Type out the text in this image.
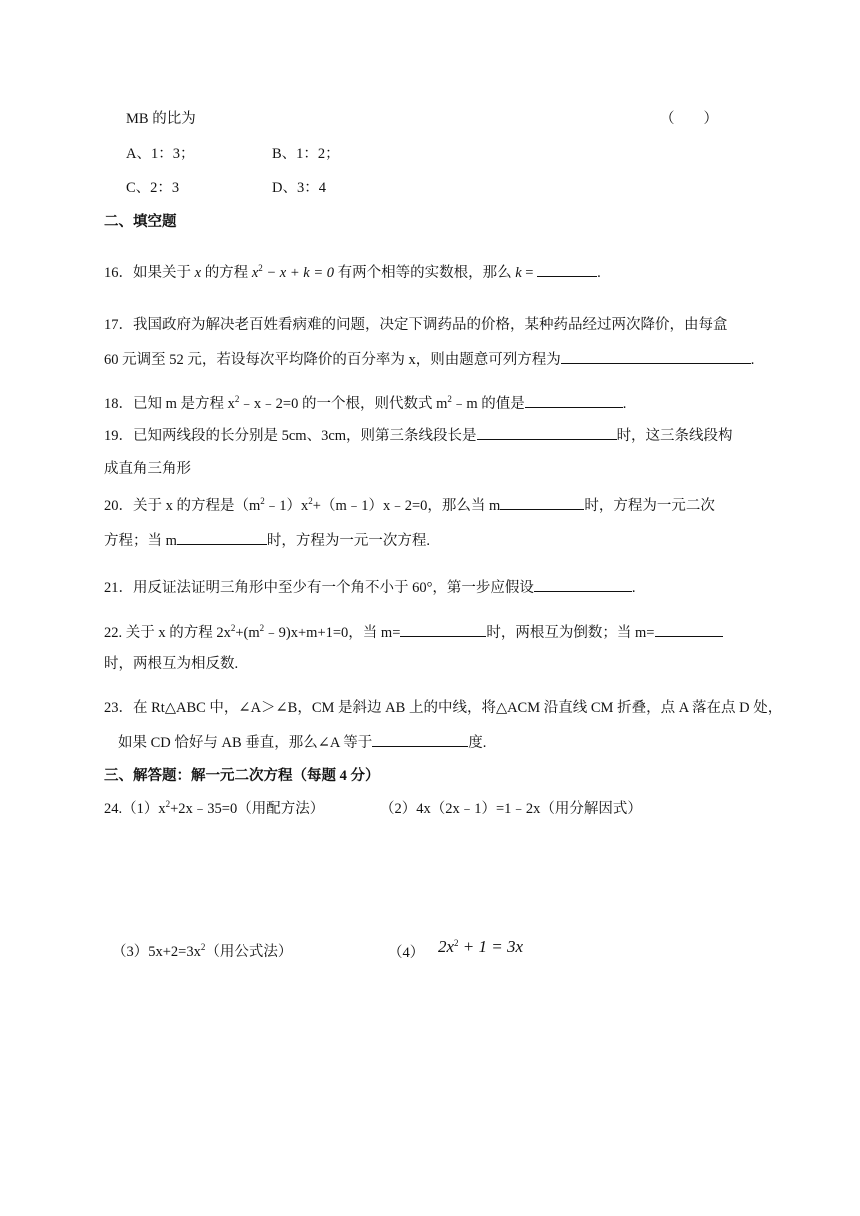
MB 的比为	（　　）
A、1：3；	B、1：2；
C、2：3	D、3：4
二、填空题
16．如果关于 x 的方程 $x^2 - x + k = 0$ 有两个相等的实数根，那么 k =	.
17．我国政府为解决老百姓看病难的问题，决定下调药品的价格，某种药品经过两次降价，由每盒
60 元调至 52 元，若设每次平均降价的百分率为 x，则由题意可列方程为	.
18．已知 m 是方程 $x^2﹣x﹣2=0$ 的一个根，则代数式 $m^2﹣m$ 的值是	.
19．已知两线段的长分别是 5cm、3cm，则第三条线段长是	时，这三条线段构
成直角三角形
20．关于 x 的方程是$(m^2﹣1)x^2+(m﹣1)x﹣2=0$，那么当 m	时，方程为一元二次
方程；当 m	时，方程为一元一次方程.
21．用反证法证明三角形中至少有一个角不小于 60°，第一步应假设	.
22. 关于 x 的方程 $2x^2+(m^2﹣9)x+m+1=0$，当 m=	时，两根互为倒数；当 m=
时，两根互为相反数.
23．在 Rt△ABC 中，∠A＞∠B，CM 是斜边 AB 上的中线，将△ACM 沿直线 CM 折叠，点 A 落在点 D 处，
如果 CD 恰好与 AB 垂直，那么∠A 等于	度.
三、解答题：解一元二次方程（每题 4 分）
$24.(1)x^2+2x﹣35=0$（用配方法）	（2）4x（2x﹣1）=1﹣2x（用分解因式）
$(3)5x+2=3x^2$（用公式法）	（4） $2x^2 + 1 = 3x$
